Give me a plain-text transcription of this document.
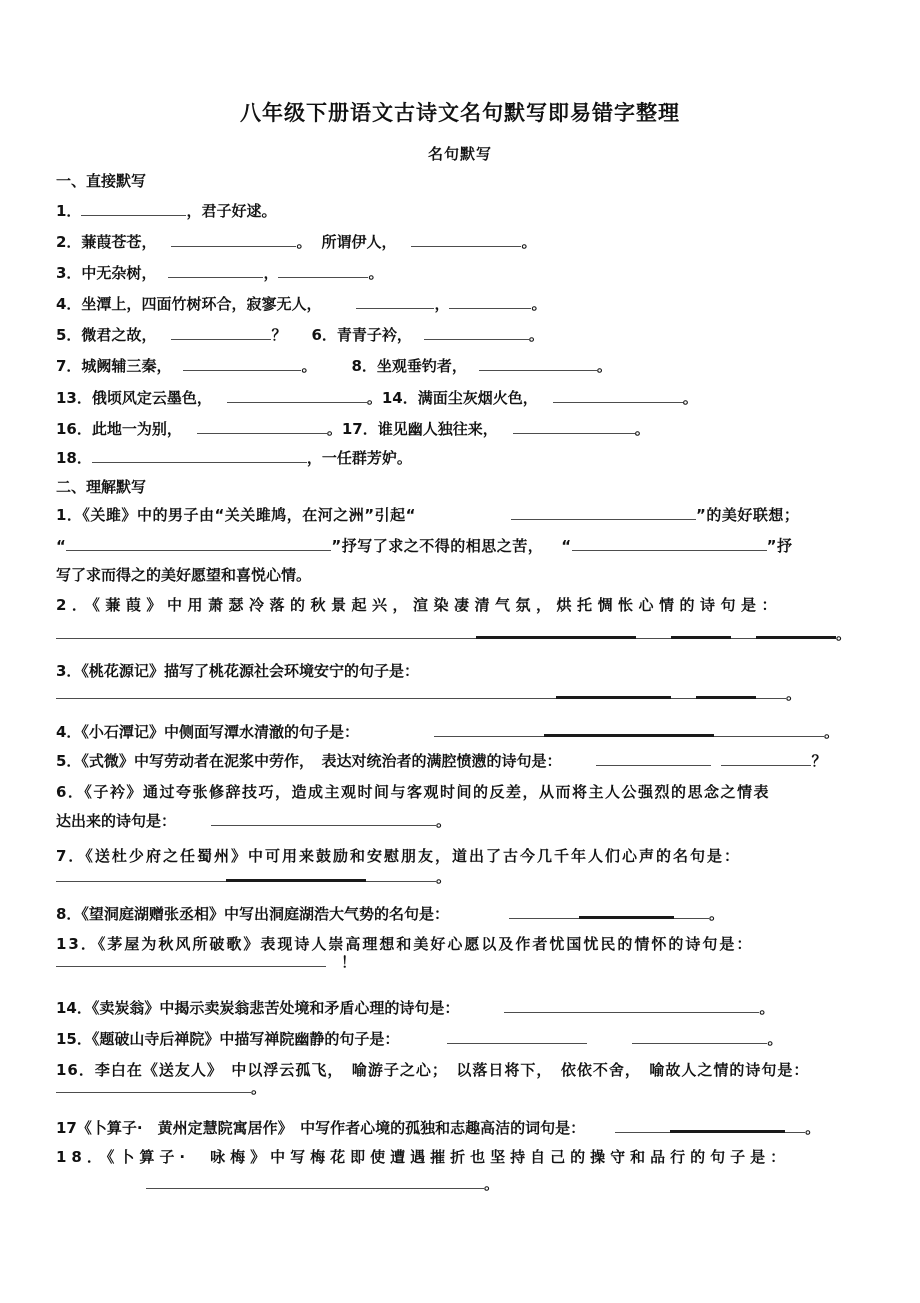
八年级下册语文古诗文名句默写即易错字整理
名句默写
一、直接默写
1．	，君子好逑。
2．蒹葭苍苍，	。 所谓伊人，	。
3．中无杂树，	，	。
4．坐潭上，四面竹树环合，寂寥无人，	，	。
5．微君之故，	？ 6．青青子衿，	。
7．城阙辅三秦，	。 8．坐观垂钓者，	。
13．俄顷风定云墨色，	。14．满面尘灰烟火色，	。
16．此地一为别，	。17．谁见幽人独往来，	。
18．	，一任群芳妒。
二、理解默写
1．《关雎》中的男子由“关关雎鸠，在河之洲”引起“	”的美好联想；
“	”抒写了求之不得的相思之苦， “	”抒
写了求而得之的美好愿望和喜悦心情。
2．《蒹葭》中用萧瑟冷落的秋景起兴，渲染凄清气氛，烘托惆怅心情的诗句是：
。
3．《桃花源记》描写了桃花源社会环境安宁的句子是：
。
4．《小石潭记》中侧面写潭水清澈的句子是：	。
5．《式微》中写劳动者在泥浆中劳作，　表达对统治者的满腔愤懑的诗句是：	？
6．《子衿》通过夸张修辞技巧，造成主观时间与客观时间的反差，从而将主人公强烈的思念之情表
达出来的诗句是：	。
7．《送杜少府之任蜀州》中可用来鼓励和安慰朋友，道出了古今几千年人们心声的名句是：
。
8．《望洞庭湖赠张丞相》中写出洞庭湖浩大气势的名句是：	。
13．《茅屋为秋风所破歌》表现诗人崇高理想和美好心愿以及作者忧国忧民的情怀的诗句是：
　！
14．《卖炭翁》中揭示卖炭翁悲苦处境和矛盾心理的诗句是：	。
15．《题破山寺后禅院》中描写禅院幽静的句子是：	。
16．李白在《送友人》　中以浮云孤飞，　喻游子之心；　以落日将下，　依依不舍，　喻故人之情的诗句是：
。
17《卜算子·　黄州定慧院寓居作》　中写作者心境的孤独和志趣高洁的词句是：	。
18．《卜算子·　咏梅》中写梅花即使遭遇摧折也坚持自己的操守和品行的句子是：
。
